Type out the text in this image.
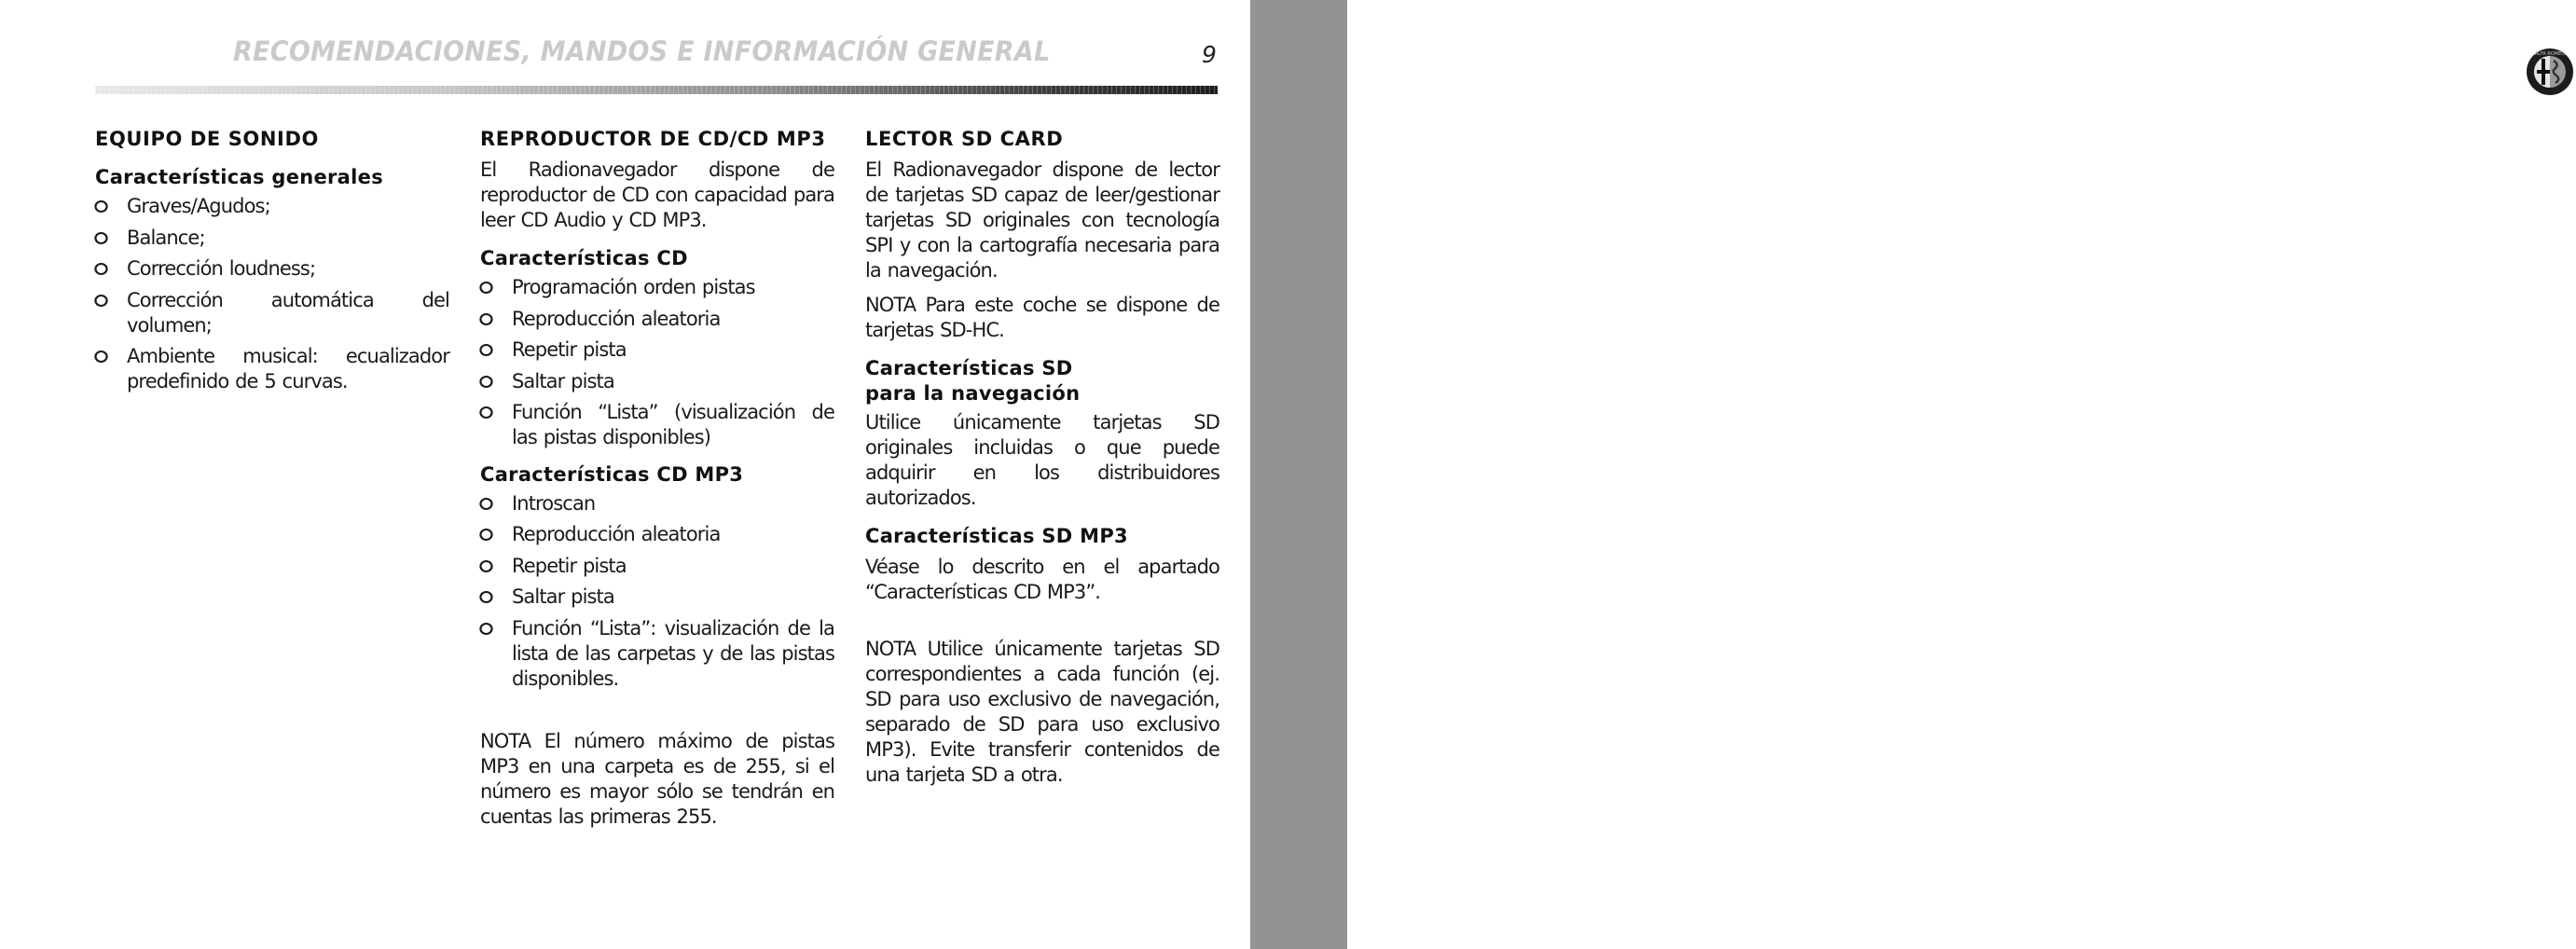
ALFA ROMEO
RECOMENDACIONES, MANDOS E INFORMACIÓN GENERAL	9
EQUIPO DE SONIDO
Características generales
Graves/Agudos;
Balance;
Corrección loudness;
Corrección automática del volumen;
Ambiente musical: ecualizador predefinido de 5 curvas.
REPRODUCTOR DE CD/CD MP3

El Radionavegador dispone de reproductor de CD con capacidad para leer CD Audio y CD MP3.

Características CD
Programación orden pistas
Reproducción aleatoria
Repetir pista
Saltar pista
Función “Lista” (visualización de las pistas disponibles)
Características CD MP3
Introscan
Reproducción aleatoria
Repetir pista
Saltar pista
Función “Lista”: visualización de la lista de las carpetas y de las pistas disponibles.

NOTA El número máximo de pistas MP3 en una carpeta es de 255, si el número es mayor sólo se tendrán en cuentas las primeras 255.

LECTOR SD CARD

El Radionavegador dispone de lector de tarjetas SD capaz de leer/gestionar tarjetas SD originales con tecnología SPI y con la cartografía necesaria para la navegación.

NOTA Para este coche se dispone de tarjetas SD-HC.

Características SD
para la navegación

Utilice únicamente tarjetas SD originales incluidas o que puede adquirir en los distribuidores autorizados.

Características SD MP3

Véase lo descrito en el apartado “Características CD MP3”.

NOTA Utilice únicamente tarjetas SD correspondientes a cada función (ej. SD para uso exclusivo de navegación, separado de SD para uso exclusivo MP3). Evite transferir contenidos de una tarjeta SD a otra.
